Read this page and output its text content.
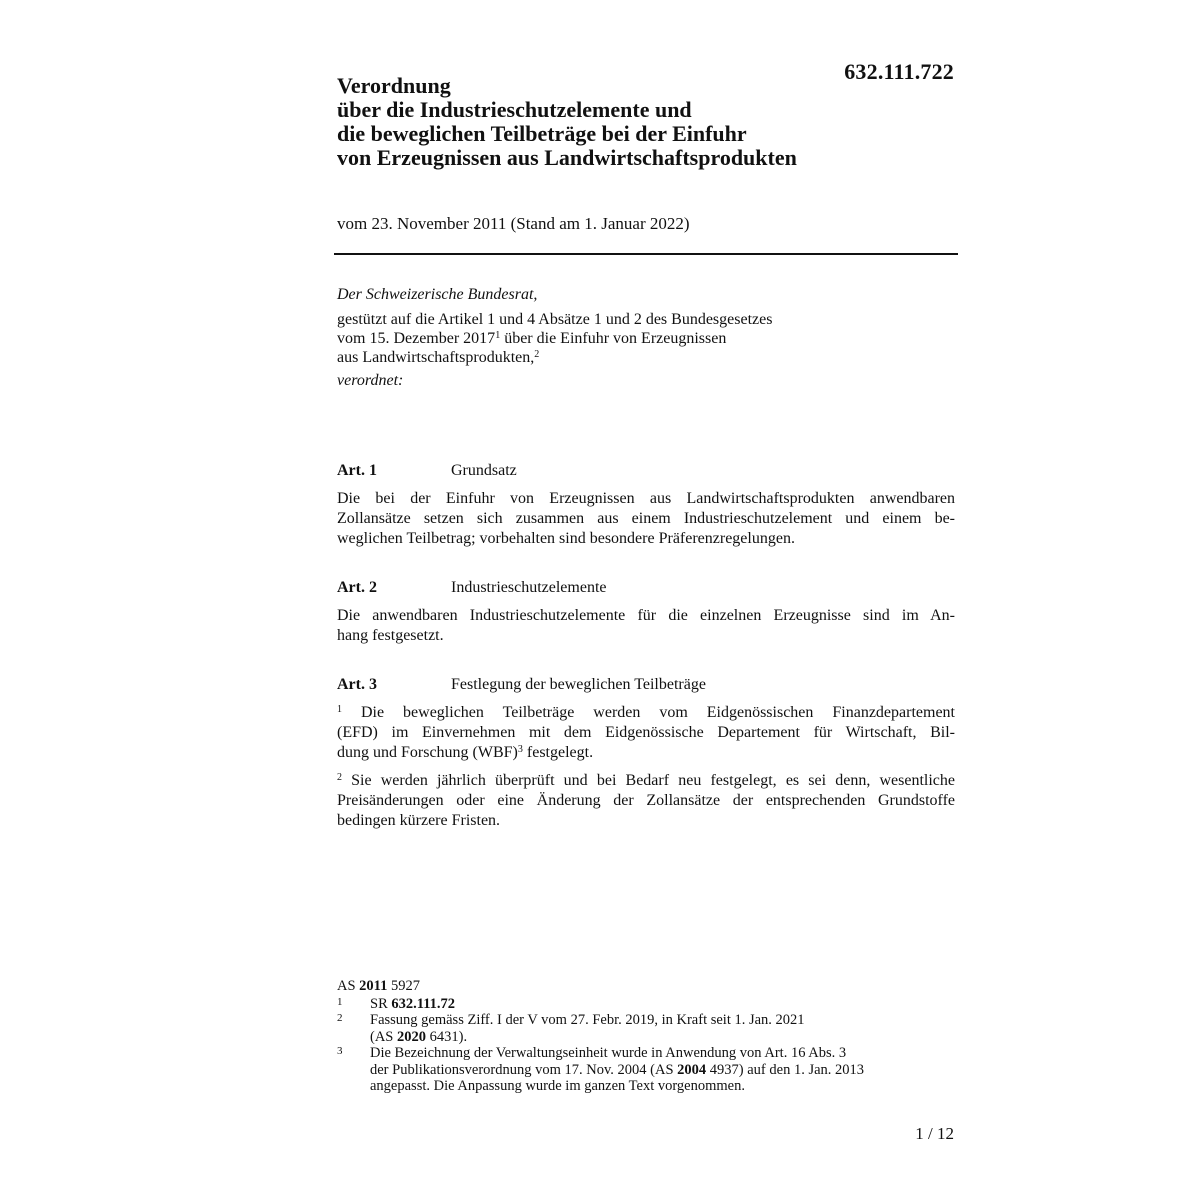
632.111.722
Verordnung
über die Industrieschutzelemente und
die beweglichen Teilbeträge bei der Einfuhr
von Erzeugnissen aus Landwirtschaftsprodukten
vom 23. November 2011 (Stand am 1. Januar 2022)
Der Schweizerische Bundesrat,
gestützt auf die Artikel 1 und 4 Absätze 1 und 2 des Bundesgesetzes
vom 15. Dezember 2017$^1$ über die Einfuhr von Erzeugnissen
aus Landwirtschaftsprodukten,$^2$
verordnet:
Art. 1	Grundsatz

Die bei der Einfuhr von Erzeugnissen aus Landwirtschaftsprodukten anwendbaren
Zollansätze setzen sich zusammen aus einem Industrieschutzelement und einem be-
weglichen Teilbetrag; vorbehalten sind besondere Präferenzregelungen.

Art. 2	Industrieschutzelemente

Die anwendbaren Industrieschutzelemente für die einzelnen Erzeugnisse sind im An-
hang festgesetzt.

Art. 3	Festlegung der beweglichen Teilbeträge

$^1$ Die beweglichen Teilbeträge werden vom Eidgenössischen Finanzdepartement
(EFD) im Einvernehmen mit dem Eidgenössische Departement für Wirtschaft, Bil-
dung und Forschung (WBF)$^3$ festgelegt.

$^2$ Sie werden jährlich überprüft und bei Bedarf neu festgelegt, es sei denn, wesentliche
Preisänderungen oder eine Änderung der Zollansätze der entsprechenden Grundstoffe
bedingen kürzere Fristen.

AS 2011 5927
1 SR 632.111.72
2 Fassung gemäss Ziff. I der V vom 27. Febr. 2019, in Kraft seit 1. Jan. 2021
(AS 2020 6431).
3 Die Bezeichnung der Verwaltungseinheit wurde in Anwendung von Art. 16 Abs. 3
der Publikationsverordnung vom 17. Nov. 2004 (AS 2004 4937) auf den 1. Jan. 2013
angepasst. Die Anpassung wurde im ganzen Text vorgenommen.
1 / 12
